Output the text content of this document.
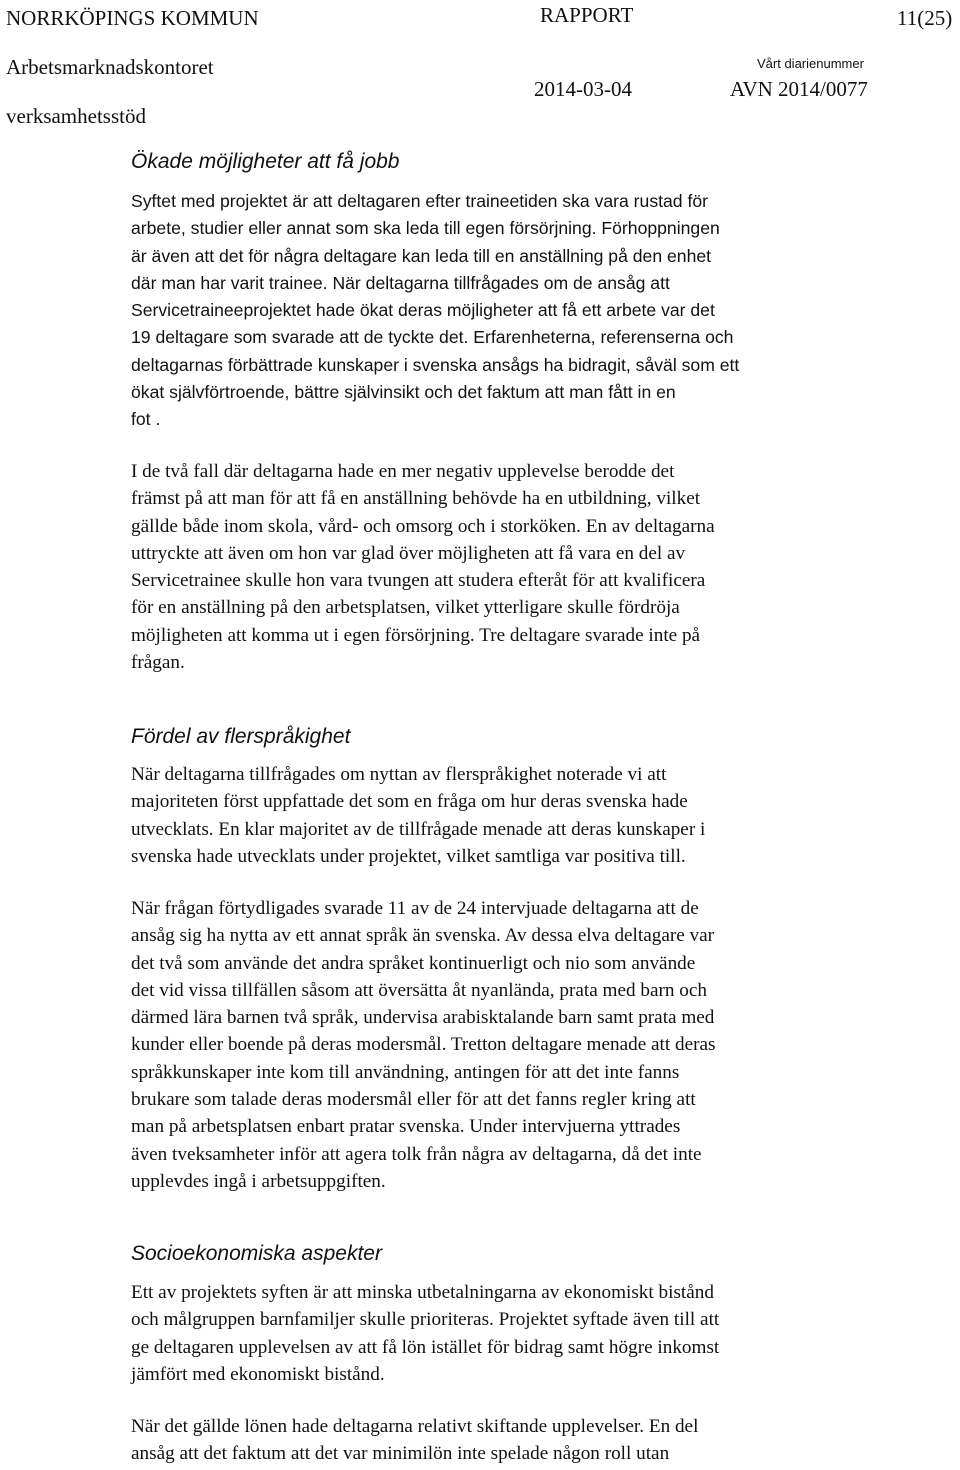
NORRKÖPINGS KOMMUN	RAPPORT	11(25)
Arbetsmarknadskontoret
2014-03-04
Vårt diarienummer
AVN 2014/0077
verksamhetsstöd
Ökade möjligheter att få jobb
Syftet med projektet är att deltagaren efter traineetiden ska vara rustad för
arbete, studier eller annat som ska leda till egen försörjning. Förhoppningen
är även att det för några deltagare kan leda till en anställning på den enhet
där man har varit trainee. När deltagarna tillfrågades om de ansåg att
Servicetraineeprojektet hade ökat deras möjligheter att få ett arbete var det
19 deltagare som svarade att de tyckte det. Erfarenheterna, referenserna och
deltagarnas förbättrade kunskaper i svenska ansågs ha bidragit, såväl som ett
ökat självförtroende, bättre självinsikt och det faktum att man fått in en
fot .
I de två fall där deltagarna hade en mer negativ upplevelse berodde det
främst på att man för att få en anställning behövde ha en utbildning, vilket
gällde både inom skola, vård- och omsorg och i storköken. En av deltagarna
uttryckte att även om hon var glad över möjligheten att få vara en del av
Servicetrainee skulle hon vara tvungen att studera efteråt för att kvalificera
för en anställning på den arbetsplatsen, vilket ytterligare skulle fördröja
möjligheten att komma ut i egen försörjning. Tre deltagare svarade inte på
frågan.
Fördel av flerspråkighet
När deltagarna tillfrågades om nyttan av flerspråkighet noterade vi att
majoriteten först uppfattade det som en fråga om hur deras svenska hade
utvecklats. En klar majoritet av de tillfrågade menade att deras kunskaper i
svenska hade utvecklats under projektet, vilket samtliga var positiva till.
När frågan förtydligades svarade 11 av de 24 intervjuade deltagarna att de
ansåg sig ha nytta av ett annat språk än svenska. Av dessa elva deltagare var
det två som använde det andra språket kontinuerligt och nio som använde
det vid vissa tillfällen såsom att översätta åt nyanlända, prata med barn och
därmed lära barnen två språk, undervisa arabisktalande barn samt prata med
kunder eller boende på deras modersmål. Tretton deltagare menade att deras
språkkunskaper inte kom till användning, antingen för att det inte fanns
brukare som talade deras modersmål eller för att det fanns regler kring att
man på arbetsplatsen enbart pratar svenska. Under intervjuerna yttrades
även tveksamheter inför att agera tolk från några av deltagarna, då det inte
upplevdes ingå i arbetsuppgiften.
Socioekonomiska aspekter
Ett av projektets syften är att minska utbetalningarna av ekonomiskt bistånd
och målgruppen barnfamiljer skulle prioriteras. Projektet syftade även till att
ge deltagaren upplevelsen av att få lön istället för bidrag samt högre inkomst
jämfört med ekonomiskt bistånd.
När det gällde lönen hade deltagarna relativt skiftande upplevelser. En del
ansåg att det faktum att det var minimilön inte spelade någon roll utan
